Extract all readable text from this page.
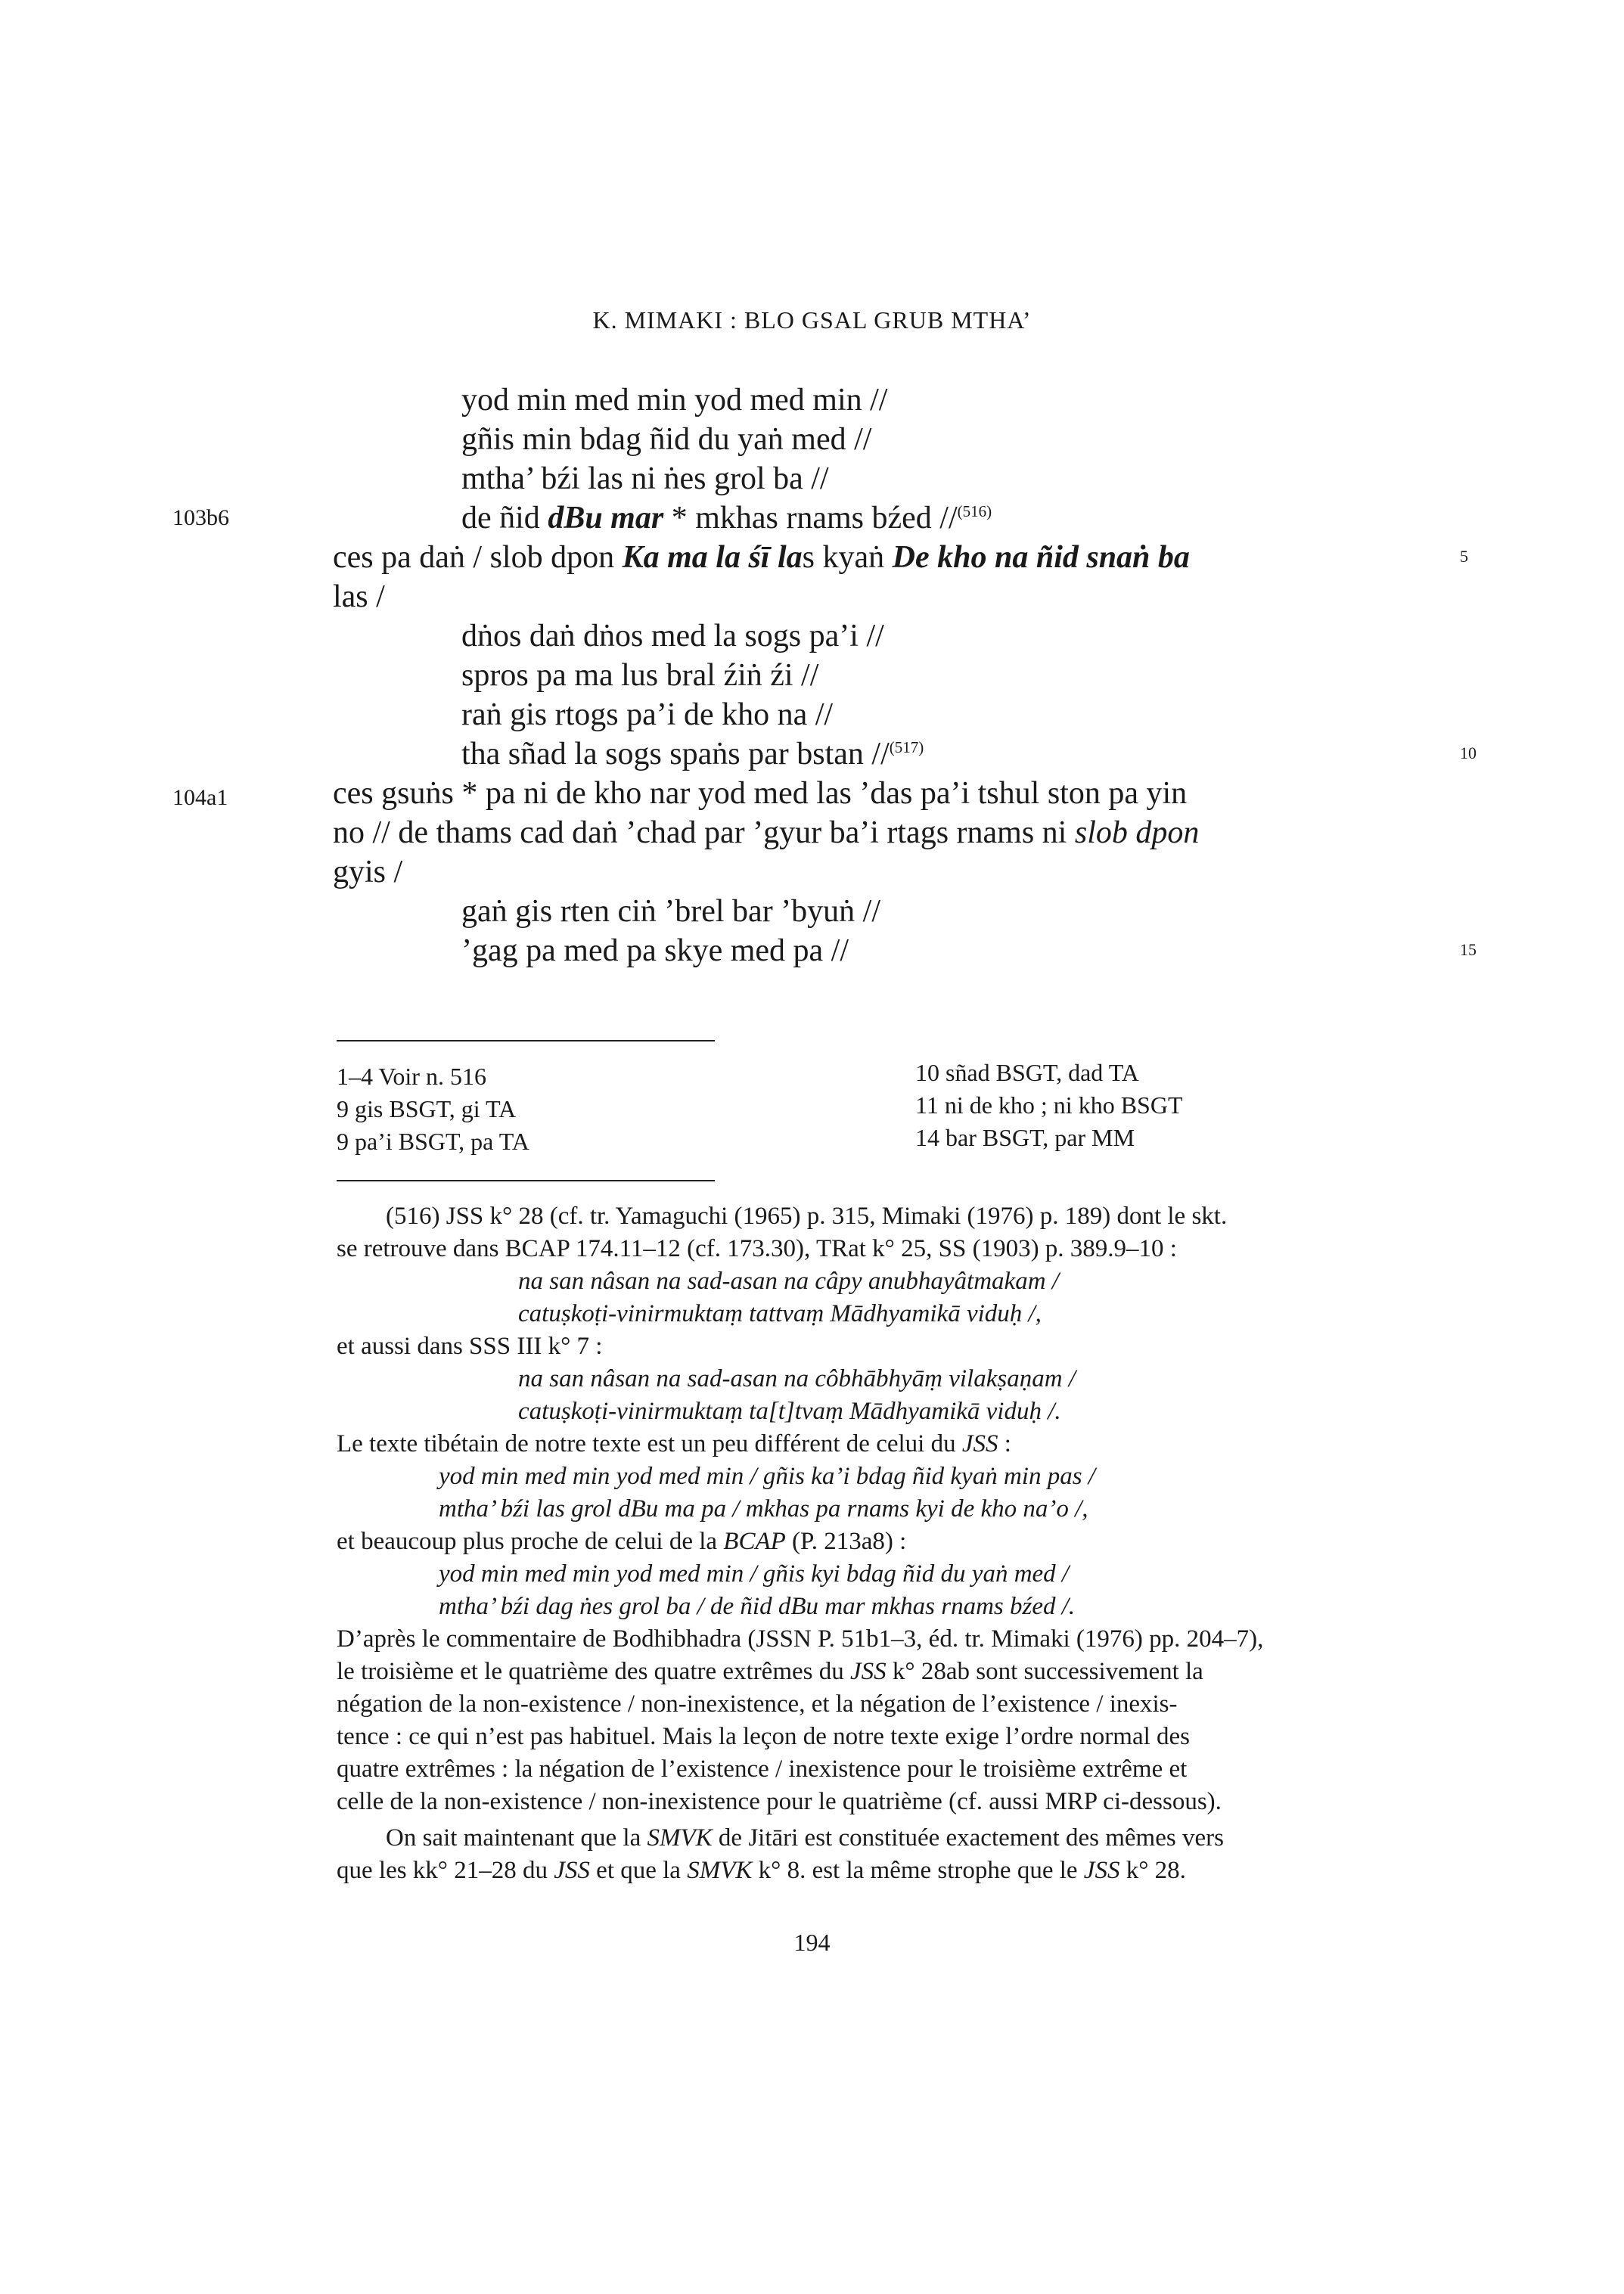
K. MIMAKI : BLO GSAL GRUB MTHA’
103b6
104a1
5
10
15
yod min med min yod med min //
gñis min bdag ñid du yaṅ med //
mtha’ bźi las ni ṅes grol ba //
de ñid dBu mar * mkhas rnams bźed //$^{(516)}$
ces pa daṅ / slob dpon Ka ma la śī las kyaṅ De kho na ñid snaṅ ba
las /
dṅos daṅ dṅos med la sogs pa’i //
spros pa ma lus bral źiṅ źi //
raṅ gis rtogs pa’i de kho na //
tha sñad la sogs spaṅs par bstan //$^{(517)}$
ces gsuṅs * pa ni de kho nar yod med las ’das pa’i tshul ston pa yin
no // de thams cad daṅ ’chad par ’gyur ba’i rtags rnams ni slob dpon
gyis /
gaṅ gis rten ciṅ ’brel bar ’byuṅ //
’gag pa med pa skye med pa //
1–4 Voir n. 516
9 gis BSGT, gi TA
9 pa’i BSGT, pa TA
10 sñad BSGT, dad TA
11 ni de kho ; ni kho BSGT
14 bar BSGT, par MM
(516) JSS k° 28 (cf. tr. Yamaguchi (1965) p. 315, Mimaki (1976) p. 189) dont le skt.
se retrouve dans BCAP 174.11–12 (cf. 173.30), TRat k° 25, SS (1903) p. 389.9–10 :
na san nâsan na sad-asan na câpy anubhayâtmakam /
catuṣkoṭi-vinirmuktaṃ tattvaṃ Mādhyamikā viduḥ /,
et aussi dans SSS III k° 7 :
na san nâsan na sad-asan na côbhābhyāṃ vilakṣaṇam /
catuṣkoṭi-vinirmuktaṃ ta[t]tvaṃ Mādhyamikā viduḥ /.
Le texte tibétain de notre texte est un peu différent de celui du JSS :
yod min med min yod med min / gñis ka’i bdag ñid kyaṅ min pas /
mtha’ bźi las grol dBu ma pa / mkhas pa rnams kyi de kho na’o /,
et beaucoup plus proche de celui de la BCAP (P. 213a8) :
yod min med min yod med min / gñis kyi bdag ñid du yaṅ med /
mtha’ bźi dag ṅes grol ba / de ñid dBu mar mkhas rnams bźed /.
D’après le commentaire de Bodhibhadra (JSSN P. 51b1–3, éd. tr. Mimaki (1976) pp. 204–7),
le troisième et le quatrième des quatre extrêmes du JSS k° 28ab sont successivement la
négation de la non-existence / non-inexistence, et la négation de l’existence / inexis-
tence : ce qui n’est pas habituel. Mais la leçon de notre texte exige l’ordre normal des
quatre extrêmes : la négation de l’existence / inexistence pour le troisième extrême et
celle de la non-existence / non-inexistence pour le quatrième (cf. aussi MRP ci-dessous).
On sait maintenant que la SMVK de Jitāri est constituée exactement des mêmes vers
que les kk° 21–28 du JSS et que la SMVK k° 8. est la même strophe que le JSS k° 28.
194
